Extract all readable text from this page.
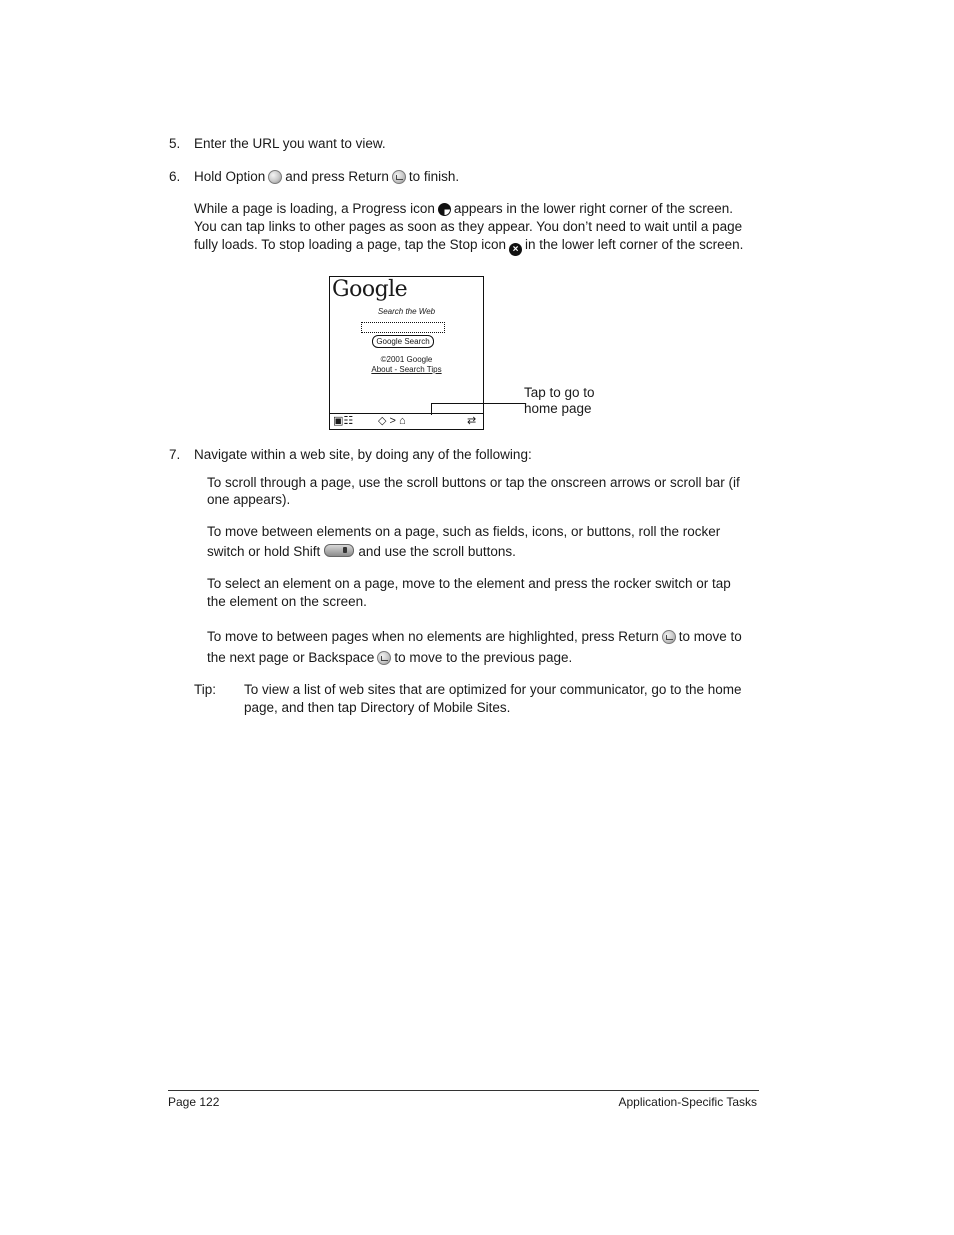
5. Enter the URL you want to view.
6. Hold Option and press Return to finish.
While a page is loading, a Progress icon appears in the lower right corner of the screen.
You can tap links to other pages as soon as they appear. You don’t need to wait until a page
fully loads. To stop loading a page, tap the Stop icon × in the lower left corner of the screen.
Google
Search the Web
Google Search
©2001 Google
About - Search Tips
▣☷ ◇ > ⌂	⇄
Tap to go to
home page
7. Navigate within a web site, by doing any of the following:
To scroll through a page, use the scroll buttons or tap the onscreen arrows or scroll bar (if
one appears).
To move between elements on a page, such as fields, icons, or buttons, roll the rocker
switch or hold Shift	and use the scroll buttons.
To select an element on a page, move to the element and press the rocker switch or tap
the element on the screen.
To move to between pages when no elements are highlighted, press Return to move to
the next page or Backspace to move to the previous page.
Tip: To view a list of web sites that are optimized for your communicator, go to the home
page, and then tap Directory of Mobile Sites.
Page 122	Application-Specific Tasks
